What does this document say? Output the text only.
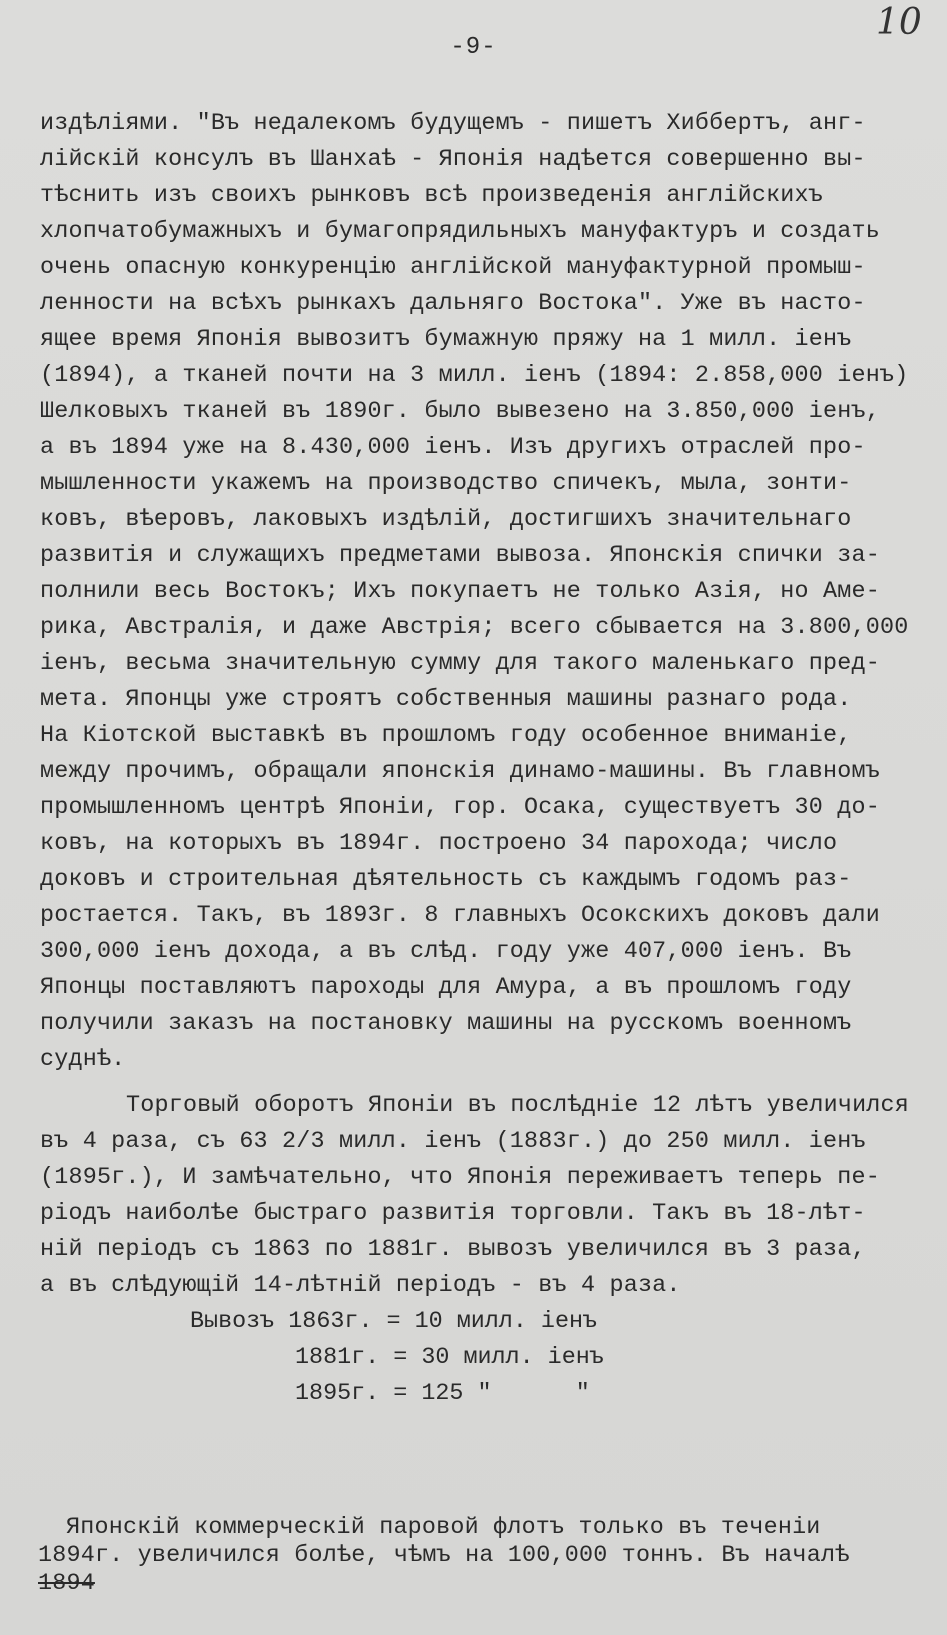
-9-
10
издѣлiями. "Въ недалекомъ будущемъ - пишетъ Хиббертъ, анг-
лiйскiй консулъ въ Шанхаѣ - Японiя надѣется совершенно вы-
тѣснить изъ своихъ рынковъ всѣ произведенiя англiйскихъ
хлопчатобумажныхъ и бумагопрядильныхъ мануфактуръ и создать
очень опасную конкуренцiю англiйской мануфактурной промыш-
ленности на всѣхъ рынкахъ дальняго Востока". Уже въ насто-
ящее время Японiя вывозитъ бумажную пряжу на 1 милл. iенъ
(1894), а тканей почти на 3 милл. iенъ (1894: 2.858,000 iенъ)
Шелковыхъ тканей въ 1890г. было вывезено на 3.850,000 iенъ,
а въ 1894 уже на 8.430,000 iенъ. Изъ другихъ отраслей про-
мышленности укажемъ на производство спичекъ, мыла, зонти-
ковъ, вѣеровъ, лаковыхъ издѣлiй, достигшихъ значительнаго
развитiя и служащихъ предметами вывоза. Японскiя спички за-
полнили весь Востокъ; Ихъ покупаетъ не только Азiя, но Аме-
рика, Австралiя, и даже Австрiя; всего сбывается на 3.800,000
iенъ, весьма значительную сумму для такого маленькаго пред-
мета. Японцы уже строятъ собственныя машины разнаго рода.
На Кiотской выставкѣ въ прошломъ году особенное вниманiе,
между прочимъ, обращали японскiя динамо-машины. Въ главномъ
промышленномъ центрѣ Японiи, гор. Осака, существуетъ 30 до-
ковъ, на которыхъ въ 1894г. построено 34 парохода; число
доковъ и строительная дѣятельность съ каждымъ годомъ раз-
ростается. Такъ, въ 1893г. 8 главныхъ Осокскихъ доковъ дали
300,000 iенъ дохода, а въ слѣд. году уже 407,000 iенъ. Въ
Японцы поставляютъ пароходы для Амура, а въ прошломъ году
получили заказъ на постановку машины на русскомъ военномъ
суднѣ.
Торговый оборотъ Японiи въ послѣднiе 12 лѣтъ увеличился
въ 4 раза, съ 63 2/3 милл. iенъ (1883г.) до 250 милл. iенъ
(1895г.), И замѣчательно, что Японiя переживаетъ теперь пе-
рiодъ наиболѣе быстраго развитiя торговли. Такъ въ 18-лѣт-
нiй перiодъ съ 1863 по 1881г. вывозъ увеличился въ 3 раза,
а въ слѣдующiй 14-лѣтнiй перiодъ - въ 4 раза.
Вывозъ 1863г. = 10 милл. iенъ
1881г. = 30 милл. iенъ
1895г. = 125 "      "
Японскiй коммерческiй паровой флотъ только въ теченiи
1894г. увеличился болѣе, чѣмъ на 100,000 тоннъ. Въ началѣ
1894
